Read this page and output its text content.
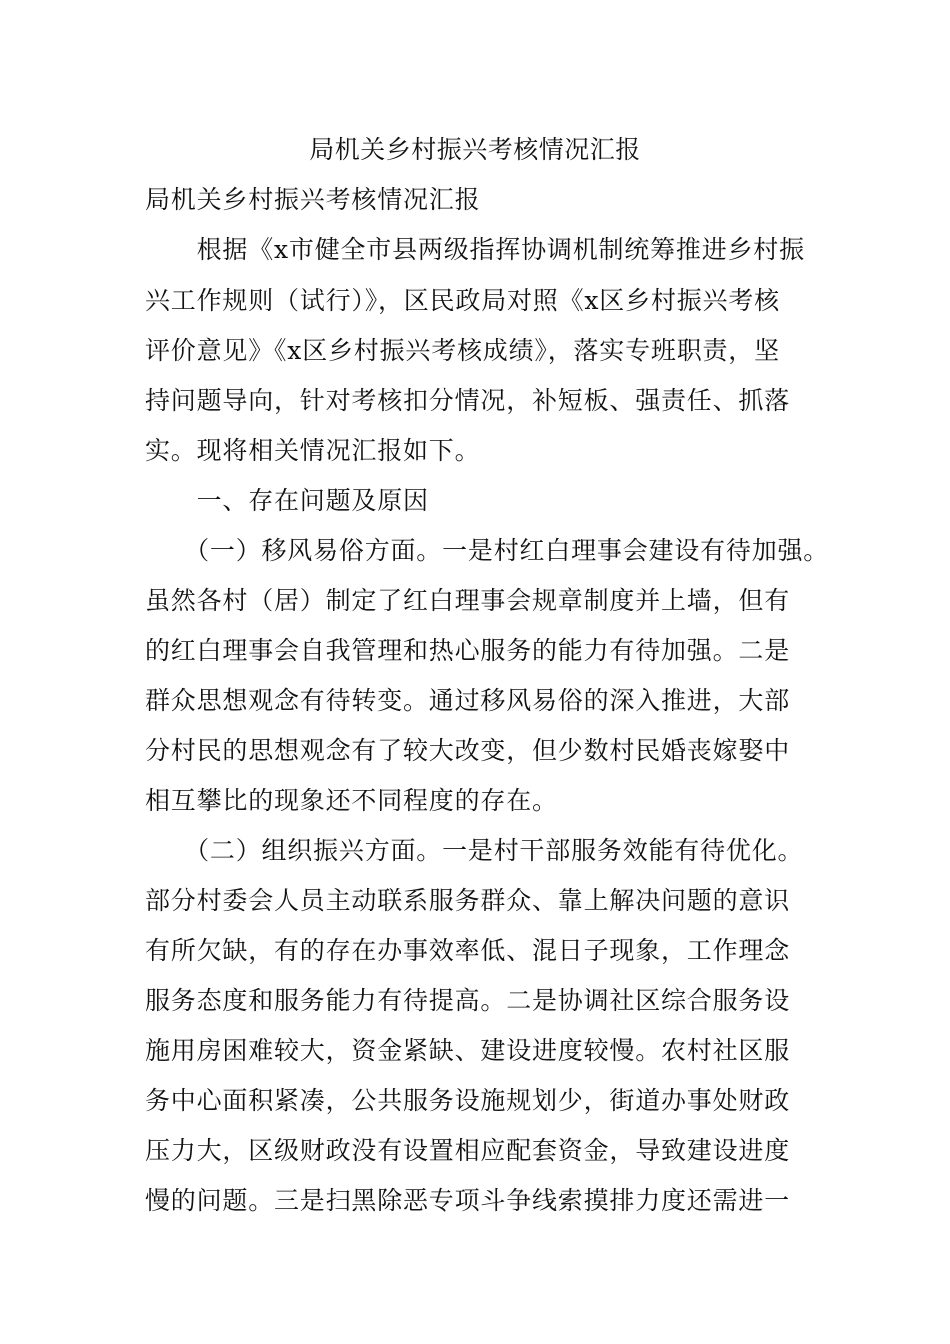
局机关乡村振兴考核情况汇报
局机关乡村振兴考核情况汇报
　　根据《x市健全市县两级指挥协调机制统筹推进乡村振
兴工作规则（试行）》，区民政局对照《x区乡村振兴考核
评价意见》《x区乡村振兴考核成绩》，落实专班职责，坚
持问题导向，针对考核扣分情况，补短板、强责任、抓落
实。现将相关情况汇报如下。
　　一、存在问题及原因
　　（一）移风易俗方面。一是村红白理事会建设有待加强。
虽然各村（居）制定了红白理事会规章制度并上墙，但有
的红白理事会自我管理和热心服务的能力有待加强。二是
群众思想观念有待转变。通过移风易俗的深入推进，大部
分村民的思想观念有了较大改变，但少数村民婚丧嫁娶中
相互攀比的现象还不同程度的存在。
　　（二）组织振兴方面。一是村干部服务效能有待优化。
部分村委会人员主动联系服务群众、靠上解决问题的意识
有所欠缺，有的存在办事效率低、混日子现象，工作理念
服务态度和服务能力有待提高。二是协调社区综合服务设
施用房困难较大，资金紧缺、建设进度较慢。农村社区服
务中心面积紧凑，公共服务设施规划少，街道办事处财政
压力大，区级财政没有设置相应配套资金，导致建设进度
慢的问题。三是扫黑除恶专项斗争线索摸排力度还需进一
